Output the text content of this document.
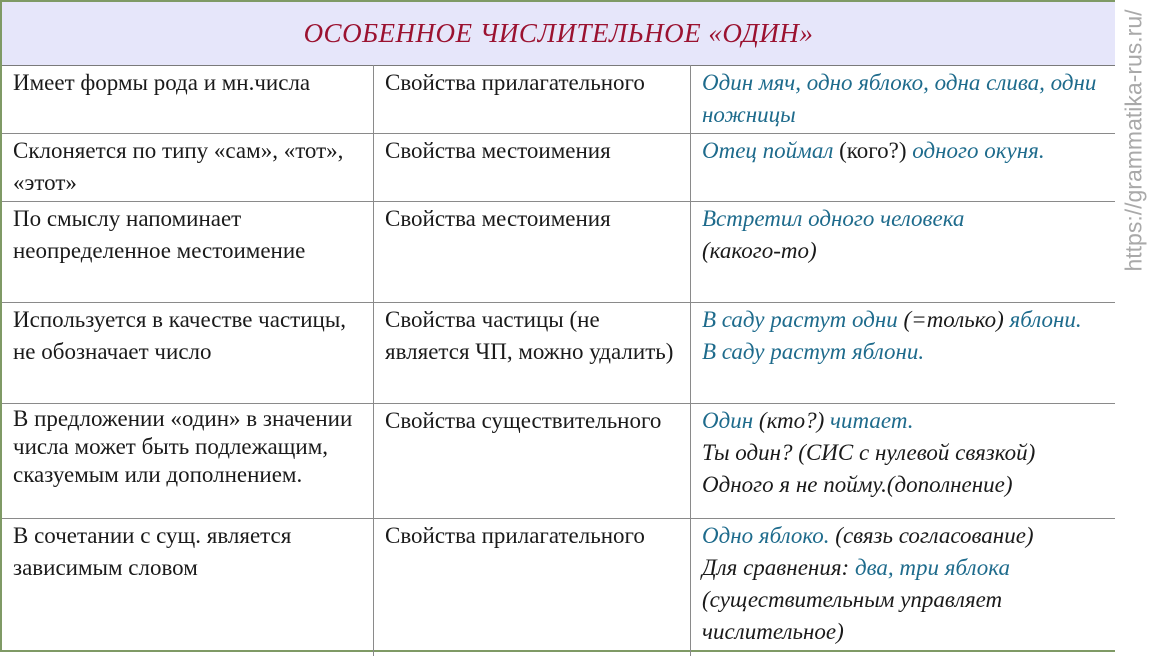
ОСОБЕННОЕ ЧИСЛИТЕЛЬНОЕ «ОДИН»
Имеет формы рода и мн.числа	Свойства прилагательного	Один мяч, одно яблоко, одна слива, одни ножницы
Склоняется по типу «сам», «тот», «этот»	Свойства местоимения	Отец поймал (кого?) одного окуня.
По смыслу напоминает неопределенное местоимение	Свойства местоимения	Встретил одного человека
(какого-то)

Используется в качестве частицы, не обозначает число	Свойства частицы (не является ЧП, можно удалить)	В саду растут одни (=только) яблони.
В саду растут яблони.

В предложении «один» в значении числа может быть подлежащим, сказуемым или дополнением.	Свойства существительного	Один (кто?) читает.
Ты один? (СИС с нулевой связкой)
Одного я не пойму.(дополнение)

В сочетании с сущ. является зависимым словом	Свойства прилагательного	Одно яблоко. (связь согласование)
Для сравнения: два, три яблока
(существительным управляет числительное)
https://grammatika-rus.ru/
